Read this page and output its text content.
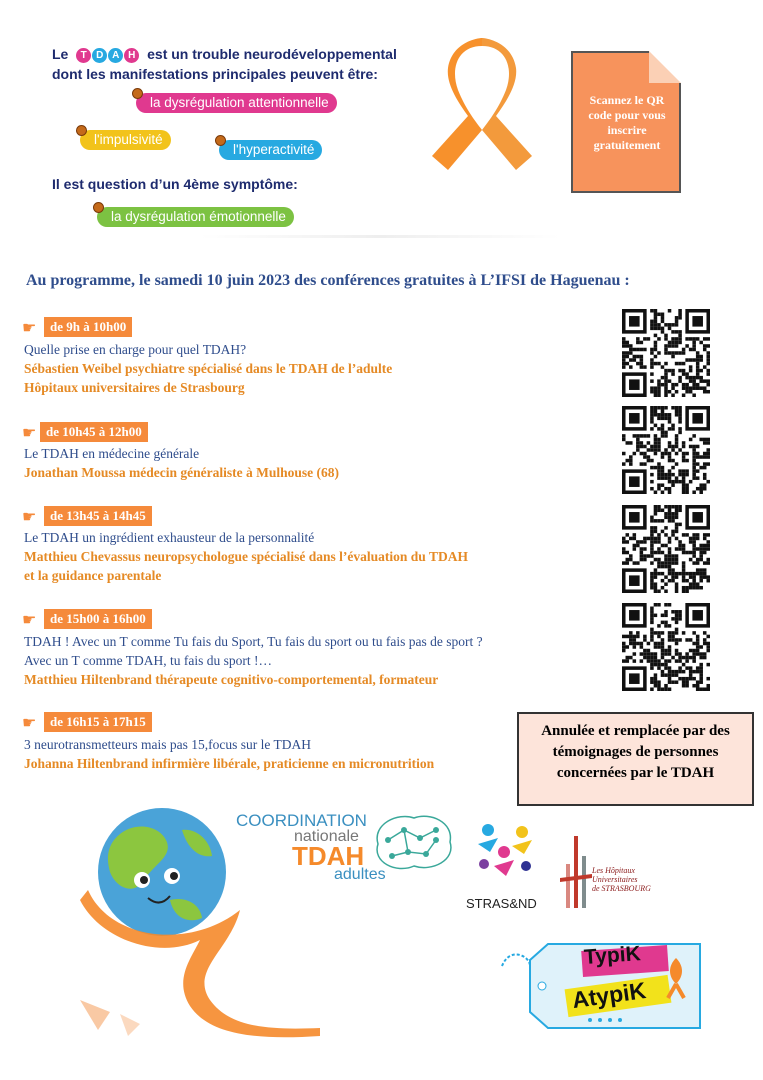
Le	T D A H est un trouble neurodéveloppemental
dont les manifestations principales peuvent être:
la dysrégulation attentionnelle
l'impulsivité
l'hyperactivité
Il est question d’un 4ème symptôme:
la dysrégulation émotionnelle
Scannez le QR code pour vous inscrire gratuitement
Au programme, le samedi 10 juin 2023 des conférences gratuites à L’IFSI de Haguenau :
☛	de 9h à 10h00
Quelle prise en charge pour quel TDAH?
Sébastien Weibel psychiatre spécialisé dans le TDAH de l’adulte
Hôpitaux universitaires de Strasbourg
☛ de 10h45 à 12h00
Le TDAH en médecine générale
Jonathan Moussa médecin généraliste à Mulhouse (68)
☛	de 13h45 à 14h45
Le TDAH un ingrédient exhausteur de la personnalité
Matthieu Chevassus neuropsychologue spécialisé dans l’évaluation du TDAH
et la guidance parentale
☛	de 15h00 à 16h00
TDAH ! Avec un T comme Tu fais du Sport, Tu fais du sport ou tu fais pas de sport ?
Avec un T comme TDAH, tu fais du sport !…
Matthieu Hiltenbrand thérapeute cognitivo-comportemental, formateur
☛	de 16h15 à 17h15
3 neurotransmetteurs mais pas 15,focus sur le TDAH
Johanna Hiltenbrand infirmière libérale, praticienne en micronutrition
Annulée et remplacée par des témoignages de personnes concernées par le TDAH
COORDINATION
nationale
TDAH
adultes
STRAS&ND
Les Hôpitaux
Universitaires
de STRASBOURG
TypiK
AtypiK
